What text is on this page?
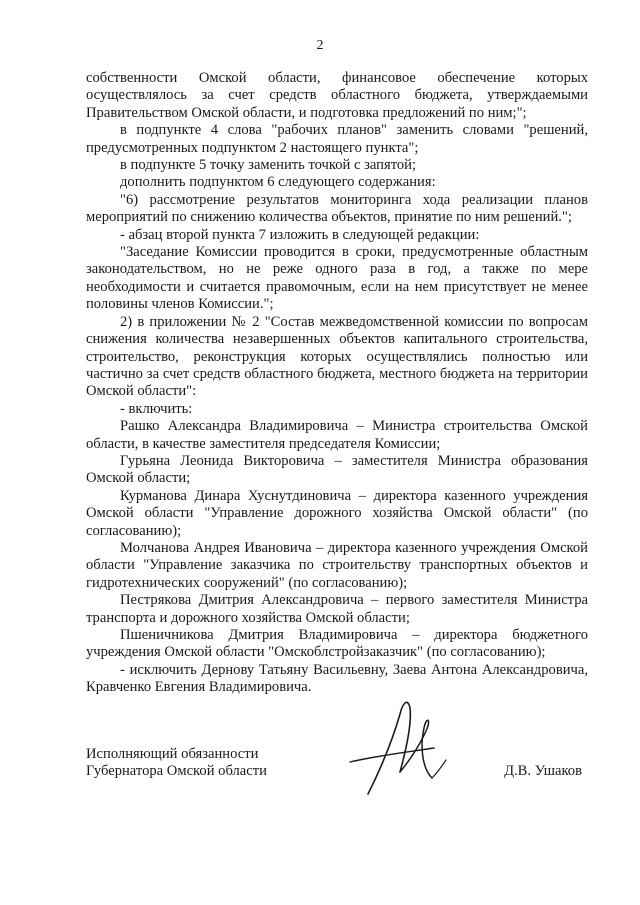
2

собственности Омской области, финансовое обеспечение которых осуществлялось за счет средств областного бюджета, утверждаемыми Правительством Омской области, и подготовка предложений по ним;";

в подпункте 4 слова "рабочих планов" заменить словами "решений, предусмотренных подпунктом 2 настоящего пункта";

в подпункте 5 точку заменить точкой с запятой;

дополнить подпунктом 6 следующего содержания:

"6) рассмотрение результатов мониторинга хода реализации планов мероприятий по снижению количества объектов, принятие по ним решений.";

- абзац второй пункта 7 изложить в следующей редакции:

"Заседание Комиссии проводится в сроки, предусмотренные областным законодательством, но не реже одного раза в год, а также по мере необходимости и считается правомочным, если на нем присутствует не менее половины членов Комиссии.";

2) в приложении № 2 "Состав межведомственной комиссии по вопросам снижения количества незавершенных объектов капитального строительства, строительство, реконструкция которых осуществлялись полностью или частично за счет средств областного бюджета, местного бюджета на территории Омской области":

- включить:

Рашко Александра Владимировича – Министра строительства Омской области, в качестве заместителя председателя Комиссии;

Гурьяна Леонида Викторовича – заместителя Министра образования Омской области;

Курманова Динара Хуснутдиновича – директора казенного учреждения Омской области "Управление дорожного хозяйства Омской области" (по согласованию);

Молчанова Андрея Ивановича – директора казенного учреждения Омской области "Управление заказчика по строительству транспортных объектов и гидротехнических сооружений" (по согласованию);

Пестрякова Дмитрия Александровича – первого заместителя Министра транспорта и дорожного хозяйства Омской области;

Пшеничникова Дмитрия Владимировича – директора бюджетного учреждения Омской области "Омскоблстройзаказчик" (по согласованию);

- исключить Дернову Татьяну Васильевну, Заева Антона Александровича, Кравченко Евгения Владимировича.

Исполняющий обязанности
Губернатора Омской области	Д.В. Ушаков
